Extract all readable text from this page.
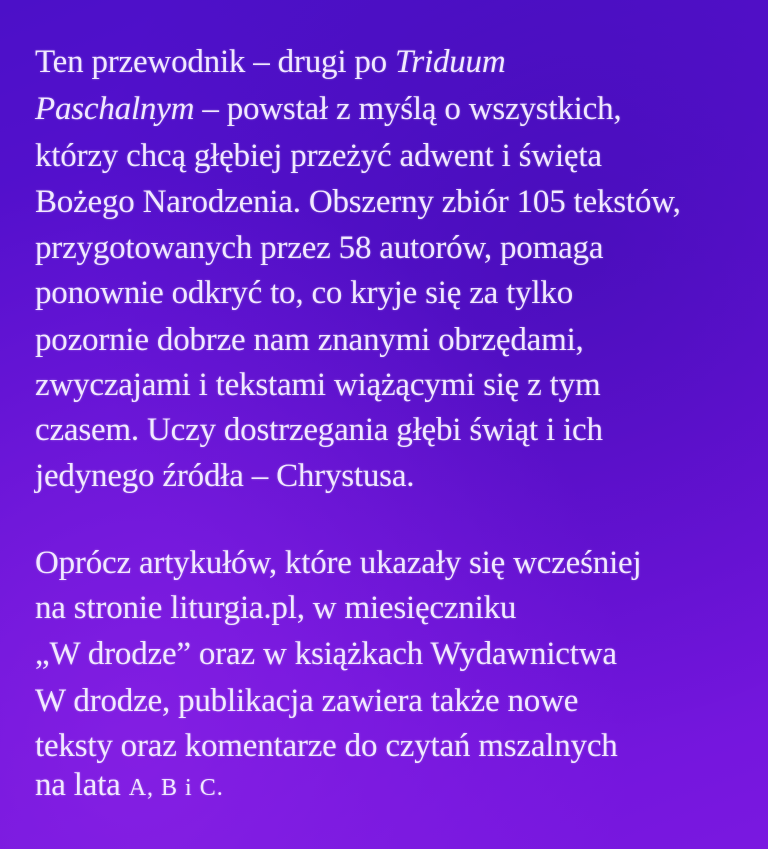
Ten przewodnik – drugi po Triduum

Paschalnym – powstał z myślą o wszystkich,

którzy chcą głębiej przeżyć adwent i święta

Bożego Narodzenia. Obszerny zbiór 105 tekstów,

przygotowanych przez 58 autorów, pomaga

ponownie odkryć to, co kryje się za tylko

pozornie dobrze nam znanymi obrzędami,

zwyczajami i tekstami wiążącymi się z tym

czasem. Uczy dostrzegania głębi świąt i ich

jedynego źródła – Chrystusa.

Oprócz artykułów, które ukazały się wcześniej

na stronie liturgia.pl, w miesięczniku

„W drodze” oraz w książkach Wydawnictwa

W drodze, publikacja zawiera także nowe

teksty oraz komentarze do czytań mszalnych

na lata A, B i C.
